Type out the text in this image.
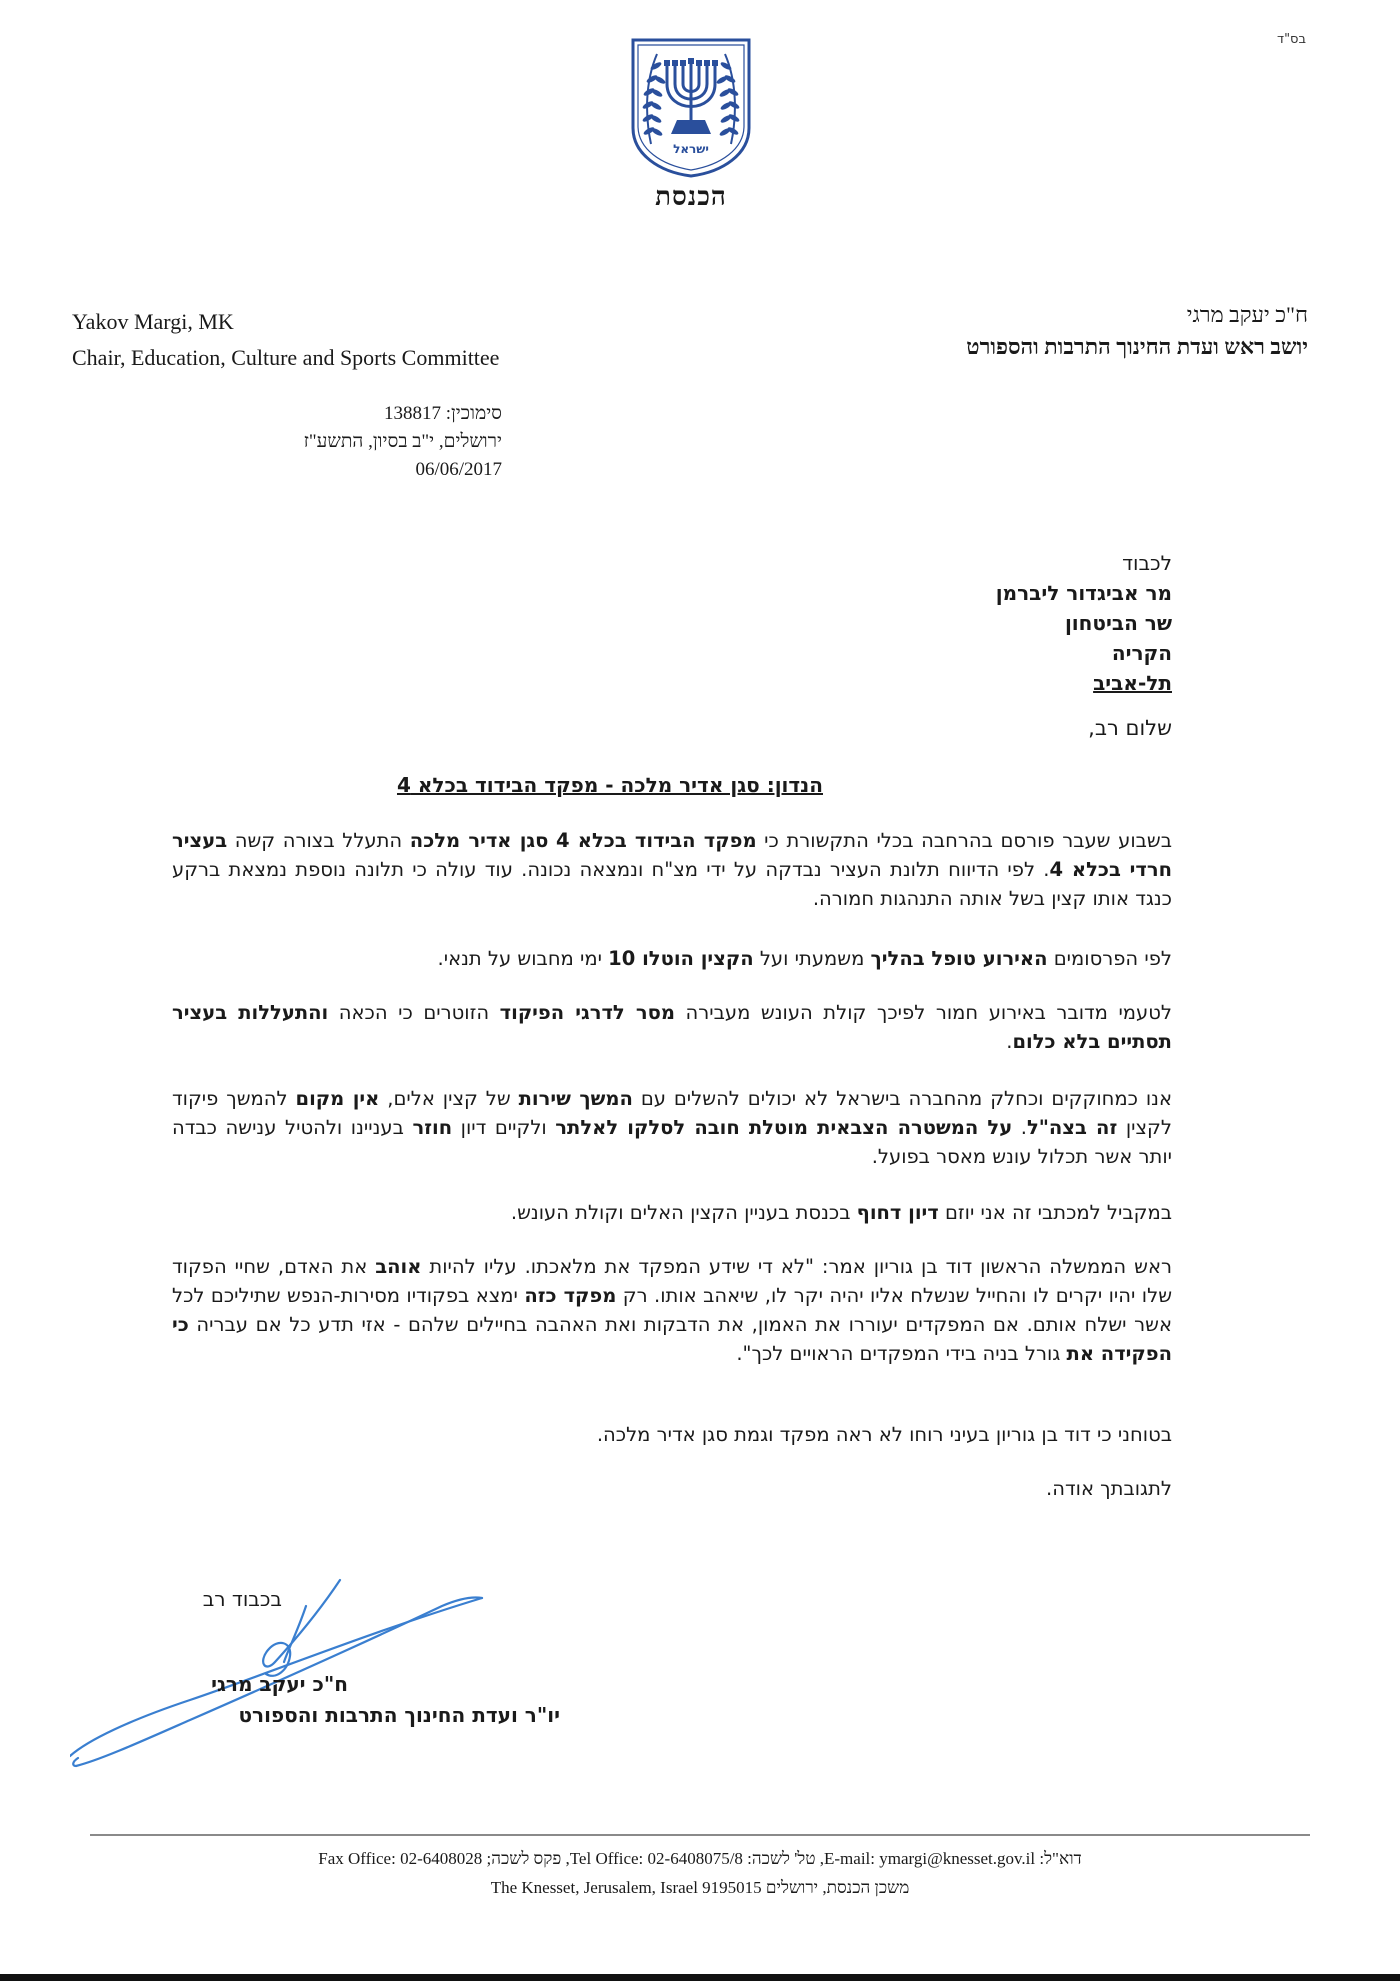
בס"ד
ישראל
הכנסת
ח"כ יעקב מרגי
יושב ראש ועדת החינוך התרבות והספורט
Yakov Margi, MK
Chair, Education, Culture and Sports Committee
סימוכין: 138817
ירושלים, י"ב בסיון, התשע"ז
06/06/2017
לכבוד
מר אביגדור ליברמן
שר הביטחון
הקריה
תל-אביב
שלום רב,
הנדון: סגן אדיר מלכה - מפקד הבידוד בכלא 4
בשבוע שעבר פורסם בהרחבה בכלי התקשורת כי מפקד הבידוד בכלא 4 סגן אדיר מלכה התעלל בצורה קשה בעציר חרדי בכלא 4. לפי הדיווח תלונת העציר נבדקה על ידי מצ"ח ונמצאה נכונה. עוד עולה כי תלונה נוספת נמצאת ברקע כנגד אותו קצין בשל אותה התנהגות חמורה.
לפי הפרסומים האירוע טופל בהליך משמעתי ועל הקצין הוטלו 10 ימי מחבוש על תנאי.
לטעמי מדובר באירוע חמור לפיכך קולת העונש מעבירה מסר לדרגי הפיקוד הזוטרים כי הכאה והתעללות בעציר תסתיים בלא כלום.
אנו כמחוקקים וכחלק מהחברה בישראל לא יכולים להשלים עם המשך שירות של קצין אלים, אין מקום להמשך פיקוד לקצין זה בצה"ל. על המשטרה הצבאית מוטלת חובה לסלקו לאלתר ולקיים דיון חוזר בעניינו ולהטיל ענישה כבדה יותר אשר תכלול עונש מאסר בפועל.
במקביל למכתבי זה אני יוזם דיון דחוף בכנסת בעניין הקצין האלים וקולת העונש.
ראש הממשלה הראשון דוד בן גוריון אמר: "לא די שידע המפקד את מלאכתו. עליו להיות אוהב את האדם, שחיי הפקוד שלו יהיו יקרים לו והחייל שנשלח אליו יהיה יקר לו, שיאהב אותו. רק מפקד כזה ימצא בפקודיו מסירות-הנפש שתיליכם לכל אשר ישלח אותם. אם המפקדים יעוררו את האמון, את הדבקות ואת האהבה בחיילים שלהם - אזי תדע כל אם עבריה כי הפקידה את גורל בניה בידי המפקדים הראויים לכך".
בטוחני כי דוד בן גוריון בעיני רוחו לא ראה מפקד וגמת סגן אדיר מלכה.
לתגובתך אודה.
בכבוד רב
ח"כ יעקב מרגי
יו"ר ועדת החינוך התרבות והספורט
Fax Office: 02-6408028 ;פקס לשכה ,Tel Office: 02-6408075/8 :טל' לשכה ,E-mail: ymargi@knesset.gov.il :דוא"ל
The Knesset, Jerusalem, Israel 9195015 משכן הכנסת, ירושלים
